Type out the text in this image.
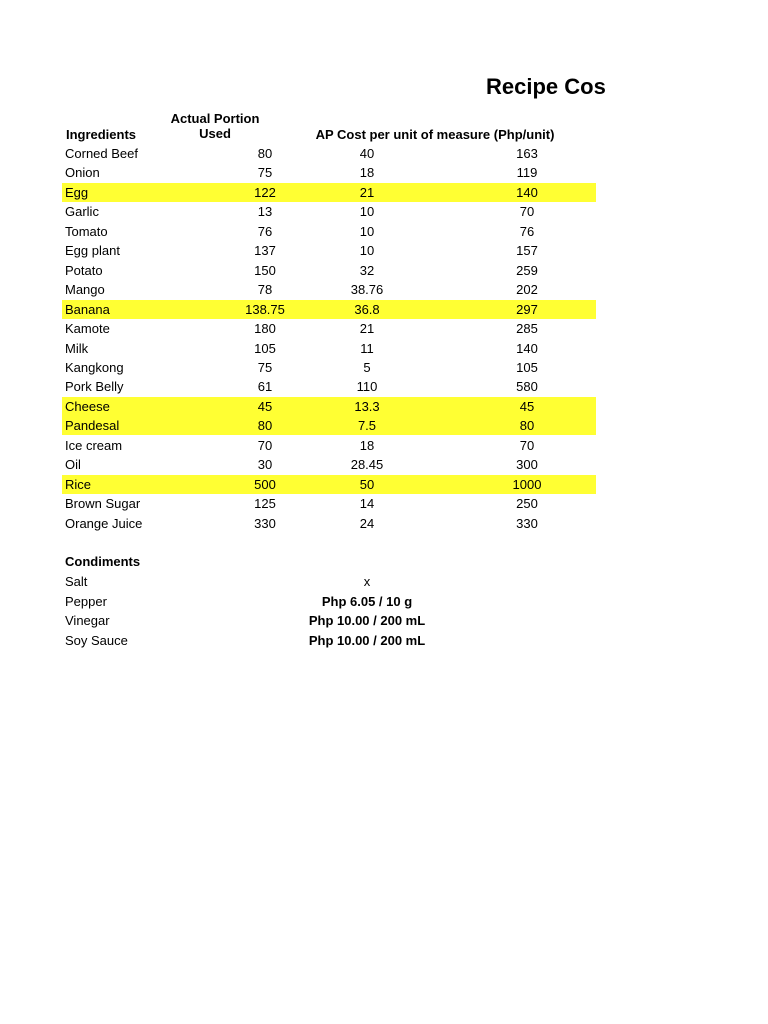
Recipe Cos
Ingredients
Actual Portion Used	AP Cost per unit of measure (Php/unit)
Corned Beef	80	40	163
Onion	75	18	119
Egg	122	21	140
Garlic	13	10	70
Tomato	76	10	76
Egg plant	137	10	157
Potato	150	32	259
Mango	78	38.76	202
Banana	138.75	36.8	297
Kamote	180	21	285
Milk	105	11	140
Kangkong	75	5	105
Pork Belly	61	110	580
Cheese	45	13.3	45
Pandesal	80	7.5	80
Ice cream	70	18	70
Oil	30	28.45	300
Rice	500	50	1000
Brown Sugar	125	14	250
Orange Juice	330	24	330
Condiments
Salt	x
Pepper	Php 6.05 / 10 g
Vinegar	Php 10.00 / 200 mL
Soy Sauce	Php 10.00 / 200 mL
